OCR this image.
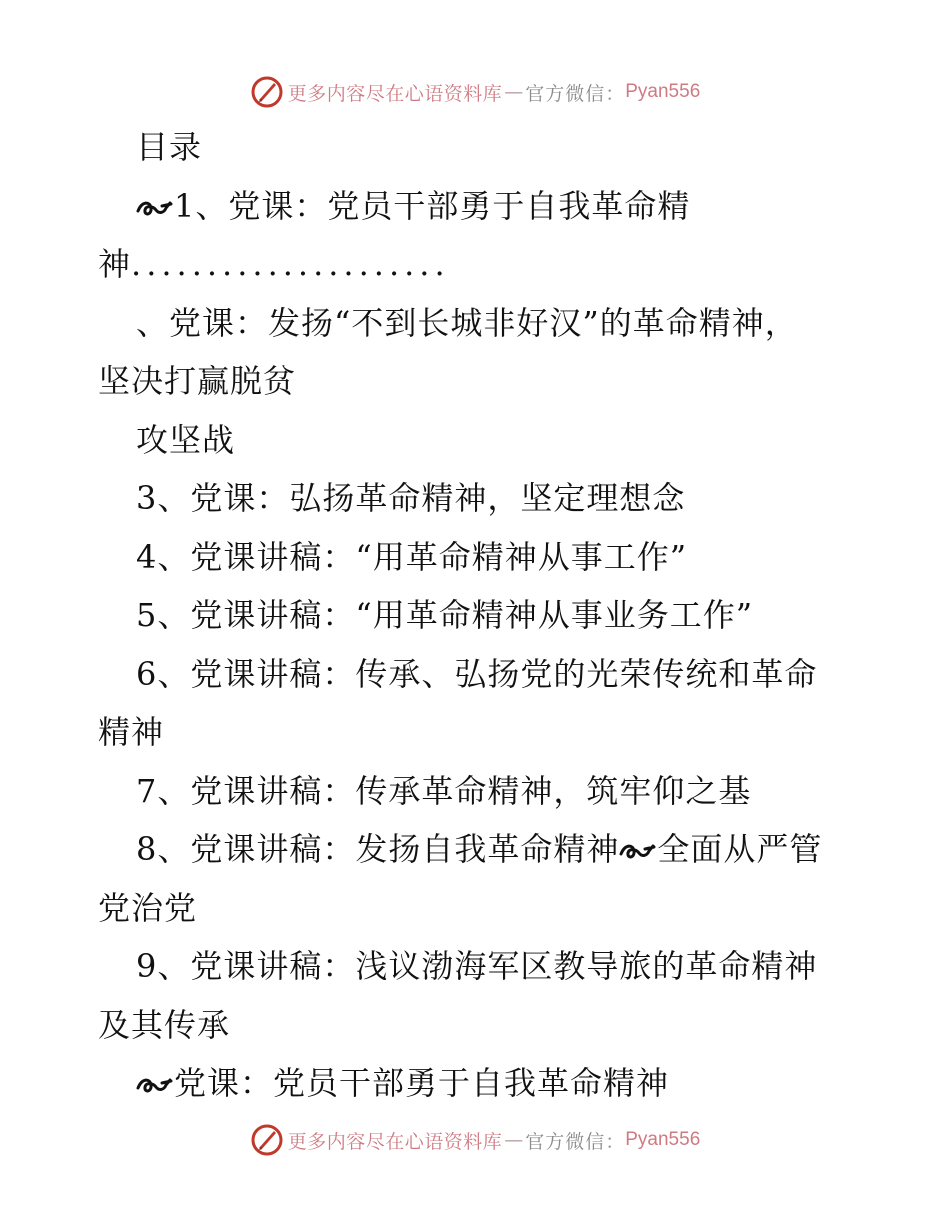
更多内容尽在心语资料库 — 官方微信： Pyan556
目录
1、党课：党员干部勇于自我革命精
神.....................
、党课：发扬“不到长城非好汉”的革命精神，
坚决打赢脱贫
攻坚战
3、党课：弘扬革命精神，坚定理想念
4、党课讲稿：“用革命精神从事工作”
5、党课讲稿：“用革命精神从事业务工作”
6、党课讲稿：传承、弘扬党的光荣传统和革命
精神
7、党课讲稿：传承革命精神，筑牢仰之基
8、党课讲稿：发扬自我革命精神 全面从严管
党治党
9、党课讲稿：浅议渤海军区教导旅的革命精神
及其传承
党课：党员干部勇于自我革命精神
更多内容尽在心语资料库 — 官方微信： Pyan556
